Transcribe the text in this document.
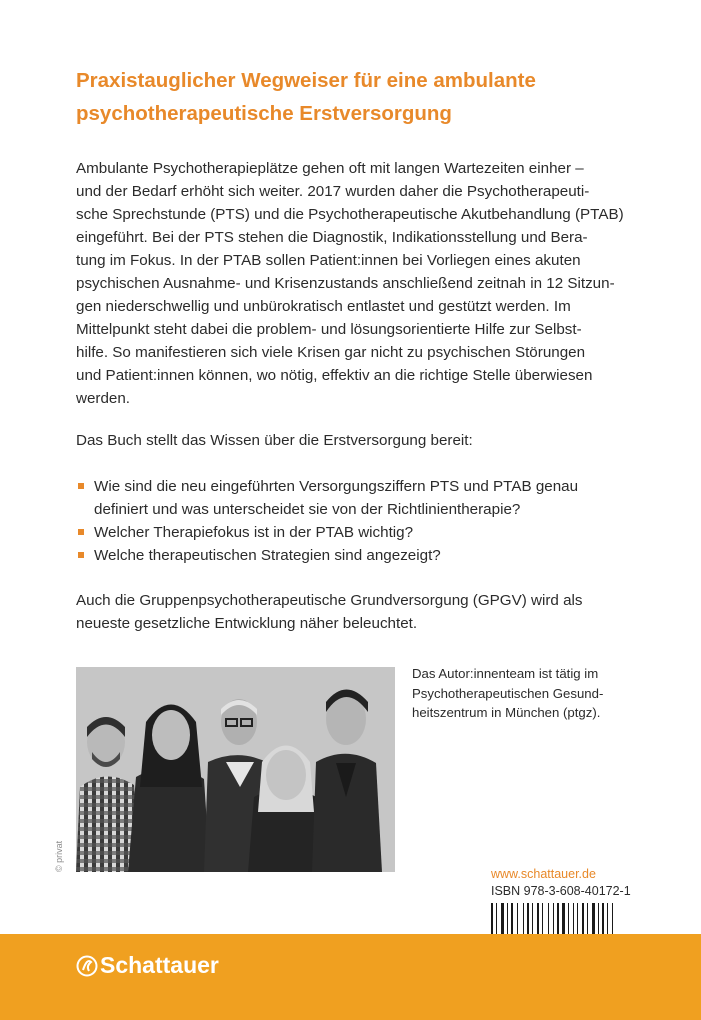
Praxistauglicher Wegweiser für eine ambulante
psychotherapeutische Erstversorgung
Ambulante Psychotherapieplätze gehen oft mit langen Wartezeiten einher –
und der Bedarf erhöht sich weiter. 2017 wurden daher die Psychotherapeuti-
sche Sprechstunde (PTS) und die Psychotherapeutische Akutbehandlung (PTAB)
eingeführt. Bei der PTS stehen die Diagnostik, Indikationsstellung und Bera-
tung im Fokus. In der PTAB sollen Patient:innen bei Vorliegen eines akuten
psychischen Ausnahme- und Krisenzustands anschließend zeitnah in 12 Sitzun-
gen niederschwellig und unbürokratisch entlastet und gestützt werden. Im
Mittelpunkt steht dabei die problem- und lösungsorientierte Hilfe zur Selbst-
hilfe. So manifestieren sich viele Krisen gar nicht zu psychischen Störungen
und Patient:innen können, wo nötig, effektiv an die richtige Stelle überwiesen
werden.
Das Buch stellt das Wissen über die Erstversorgung bereit:
Wie sind die neu eingeführten Versorgungsziffern PTS und PTAB genau
definiert und was unterscheidet sie von der Richtlinientherapie?
Welcher Therapiefokus ist in der PTAB wichtig?
Welche therapeutischen Strategien sind angezeigt?
Auch die Gruppenpsychotherapeutische Grundversorgung (GPGV) wird als
neueste gesetzliche Entwicklung näher beleuchtet.
© privat
Das Autor:innenteam ist tätig im
Psychotherapeutischen Gesund-
heitszentrum in München (ptgz).
www.schattauer.de
ISBN 978-3-608-40172-1
Schattauer
